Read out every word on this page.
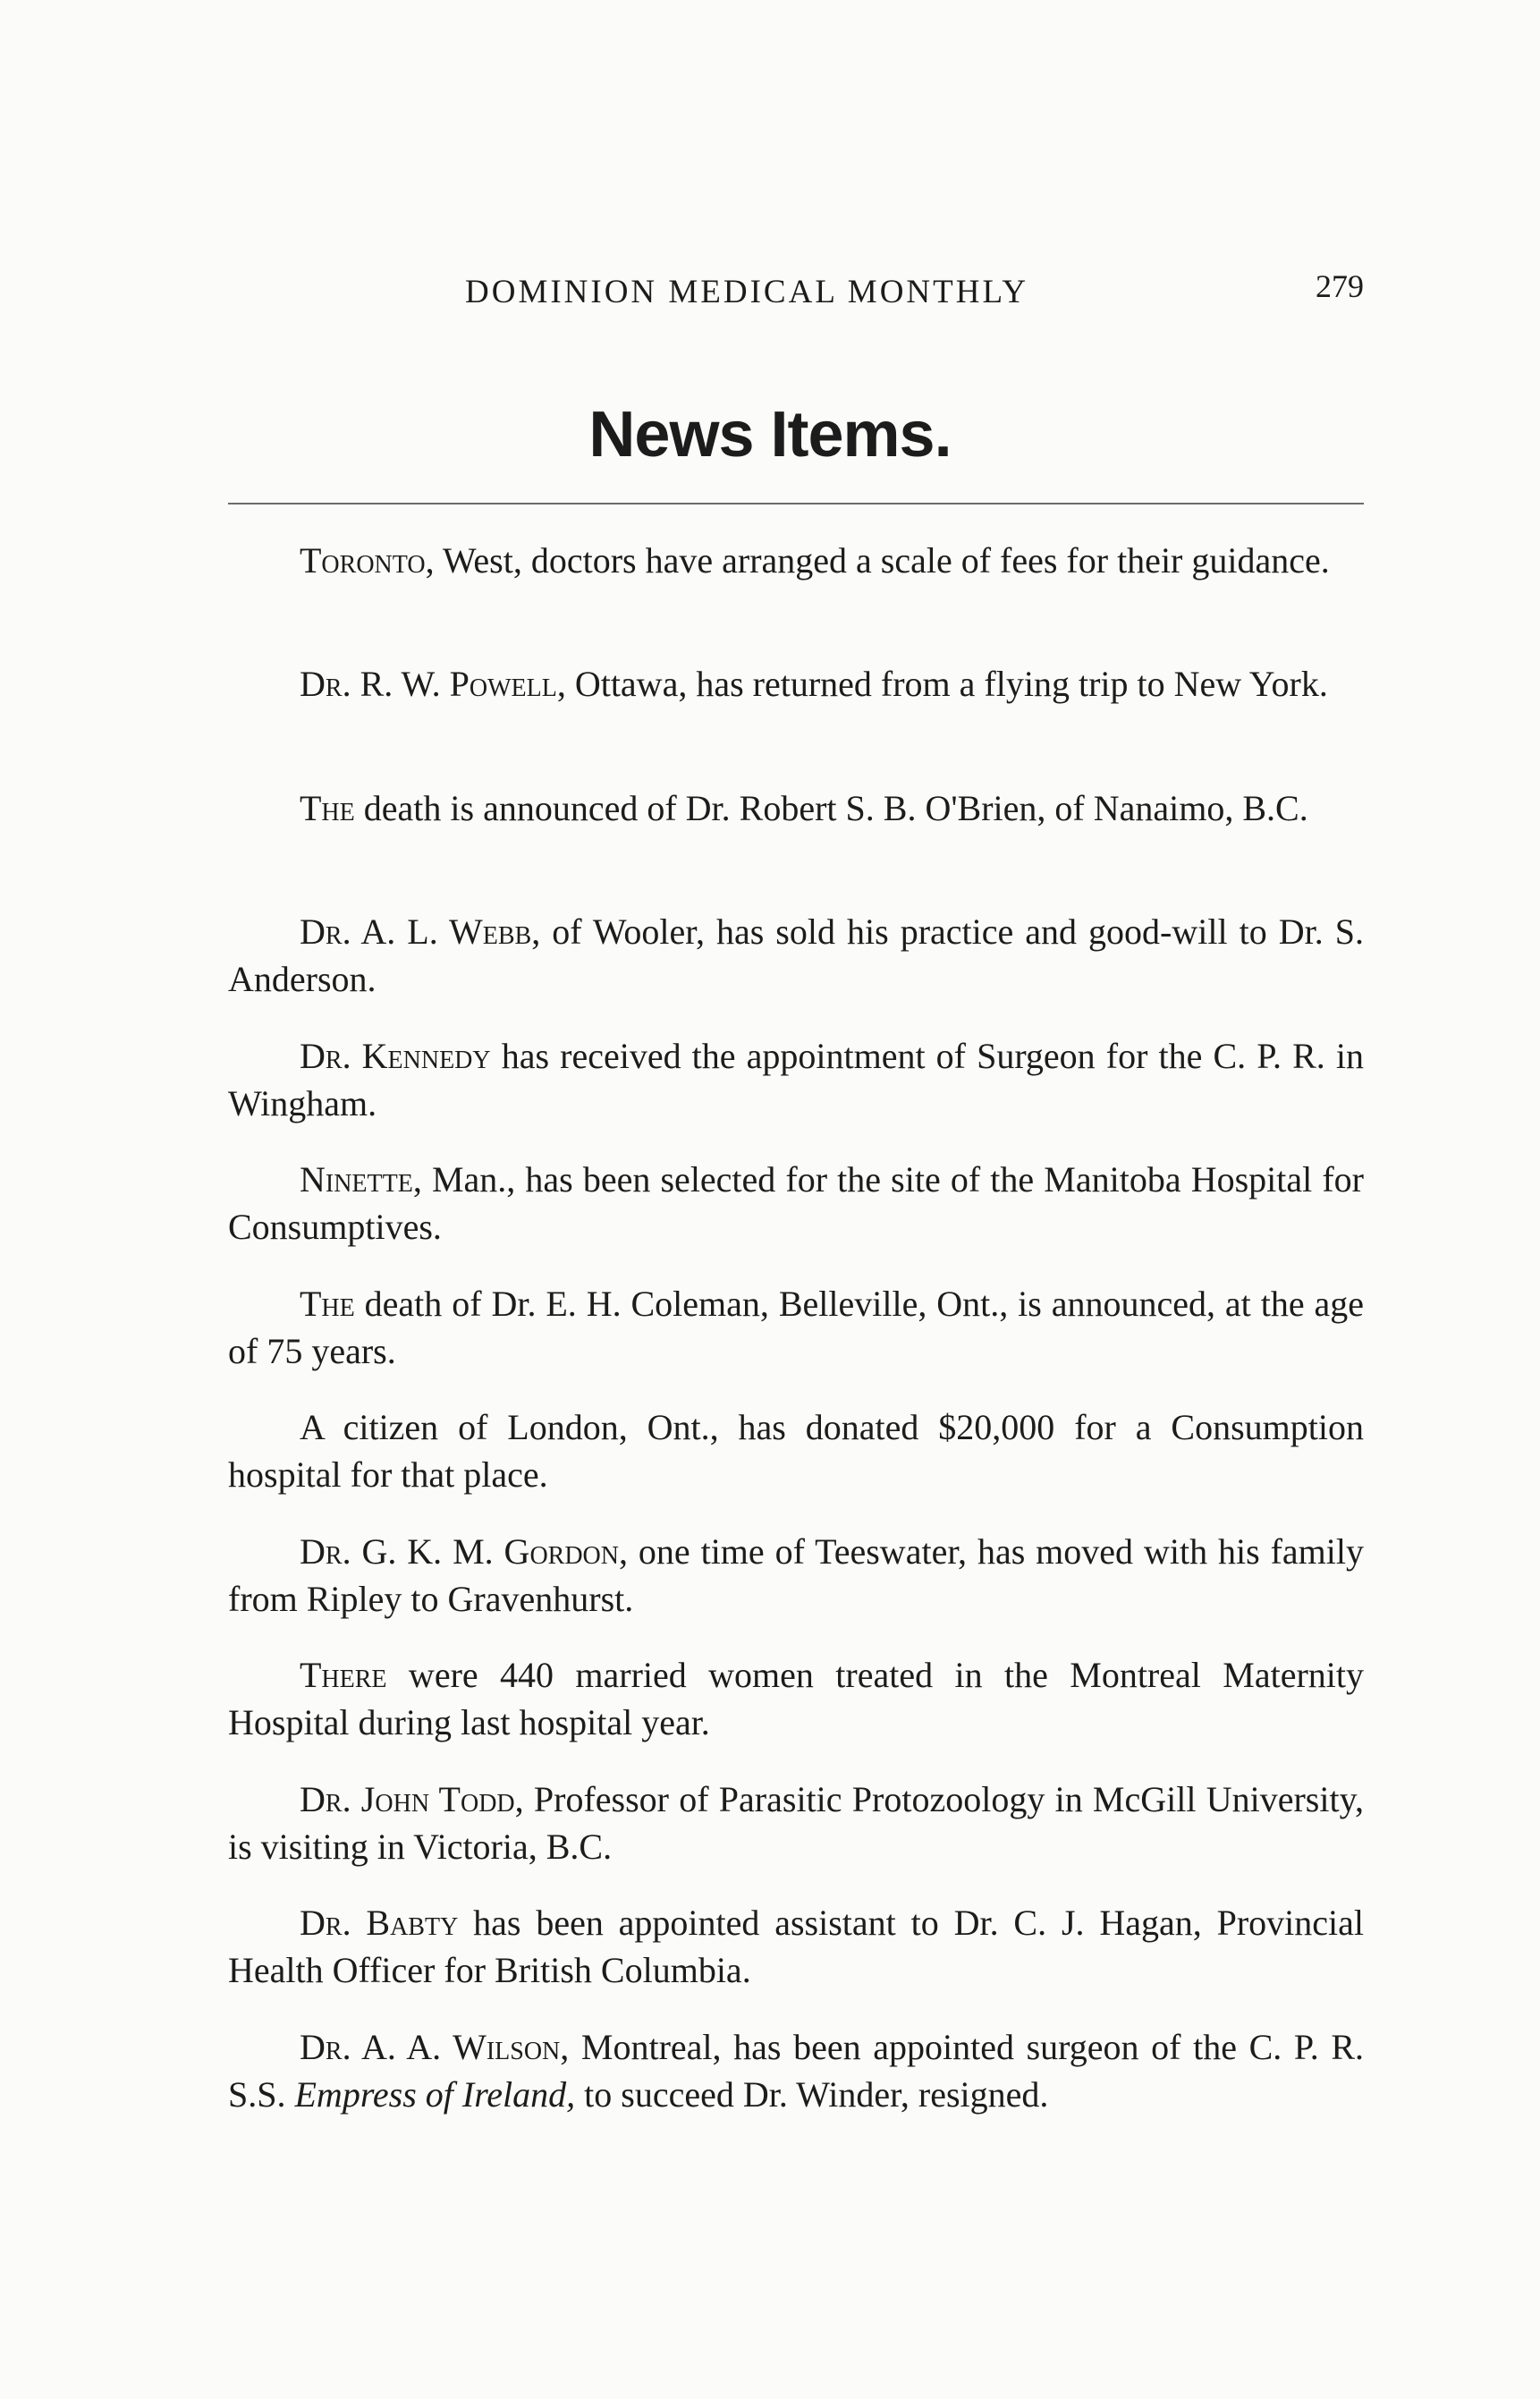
DOMINION MEDICAL MONTHLY	279
News Items.

Toronto, West, doctors have arranged a scale of fees for their guidance.

Dr. R. W. Powell, Ottawa, has returned from a flying trip to New York.

The death is announced of Dr. Robert S. B. O'Brien, of Nanaimo, B.C.

Dr. A. L. Webb, of Wooler, has sold his practice and good-will to Dr. S. Anderson.

Dr. Kennedy has received the appointment of Surgeon for the C. P. R. in Wingham.

Ninette, Man., has been selected for the site of the Manitoba Hospital for Consumptives.

The death of Dr. E. H. Coleman, Belleville, Ont., is announced, at the age of 75 years.

A citizen of London, Ont., has donated $20,000 for a Consumption hospital for that place.

Dr. G. K. M. Gordon, one time of Teeswater, has moved with his family from Ripley to Gravenhurst.

There were 440 married women treated in the Montreal Maternity Hospital during last hospital year.

Dr. John Todd, Professor of Parasitic Protozoology in McGill University, is visiting in Victoria, B.C.

Dr. Babty has been appointed assistant to Dr. C. J. Hagan, Provincial Health Officer for British Columbia.

Dr. A. A. Wilson, Montreal, has been appointed surgeon of the C. P. R. S.S. Empress of Ireland, to succeed Dr. Winder, resigned.
